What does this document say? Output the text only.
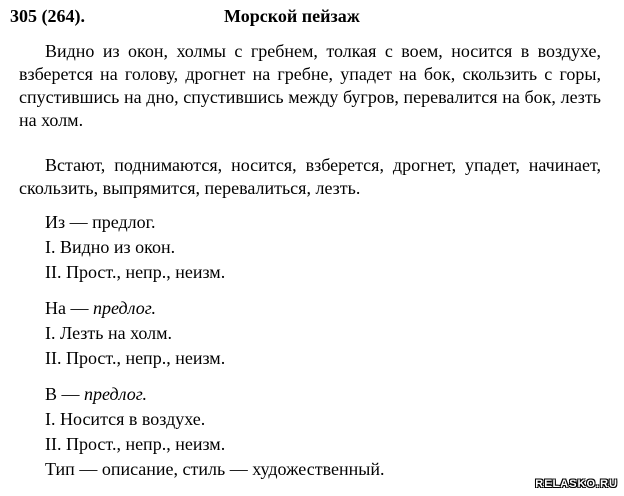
305 (264).	Морской пейзаж

Видно из окон, холмы с гребнем, толкая с воем, носится в воздухе, взберется на голову, дрогнет на гребне, упадет на бок, скользить с горы, спустившись на дно, спустившись между бугров, перевалится на бок, лезть на холм.

Встают, поднимаются, носится, взберется, дрогнет, упадет, начинает, скользить, выпрямится, перевалиться, лезть.

Из — предлог.
I. Видно из окон.
II. Прост., непр., неизм.
На — предлог.
I. Лезть на холм.
II. Прост., непр., неизм.
В — предлог.
I. Носится в воздухе.
II. Прост., непр., неизм.
Тип — описание, стиль — художественный.
RELASKO.RU
